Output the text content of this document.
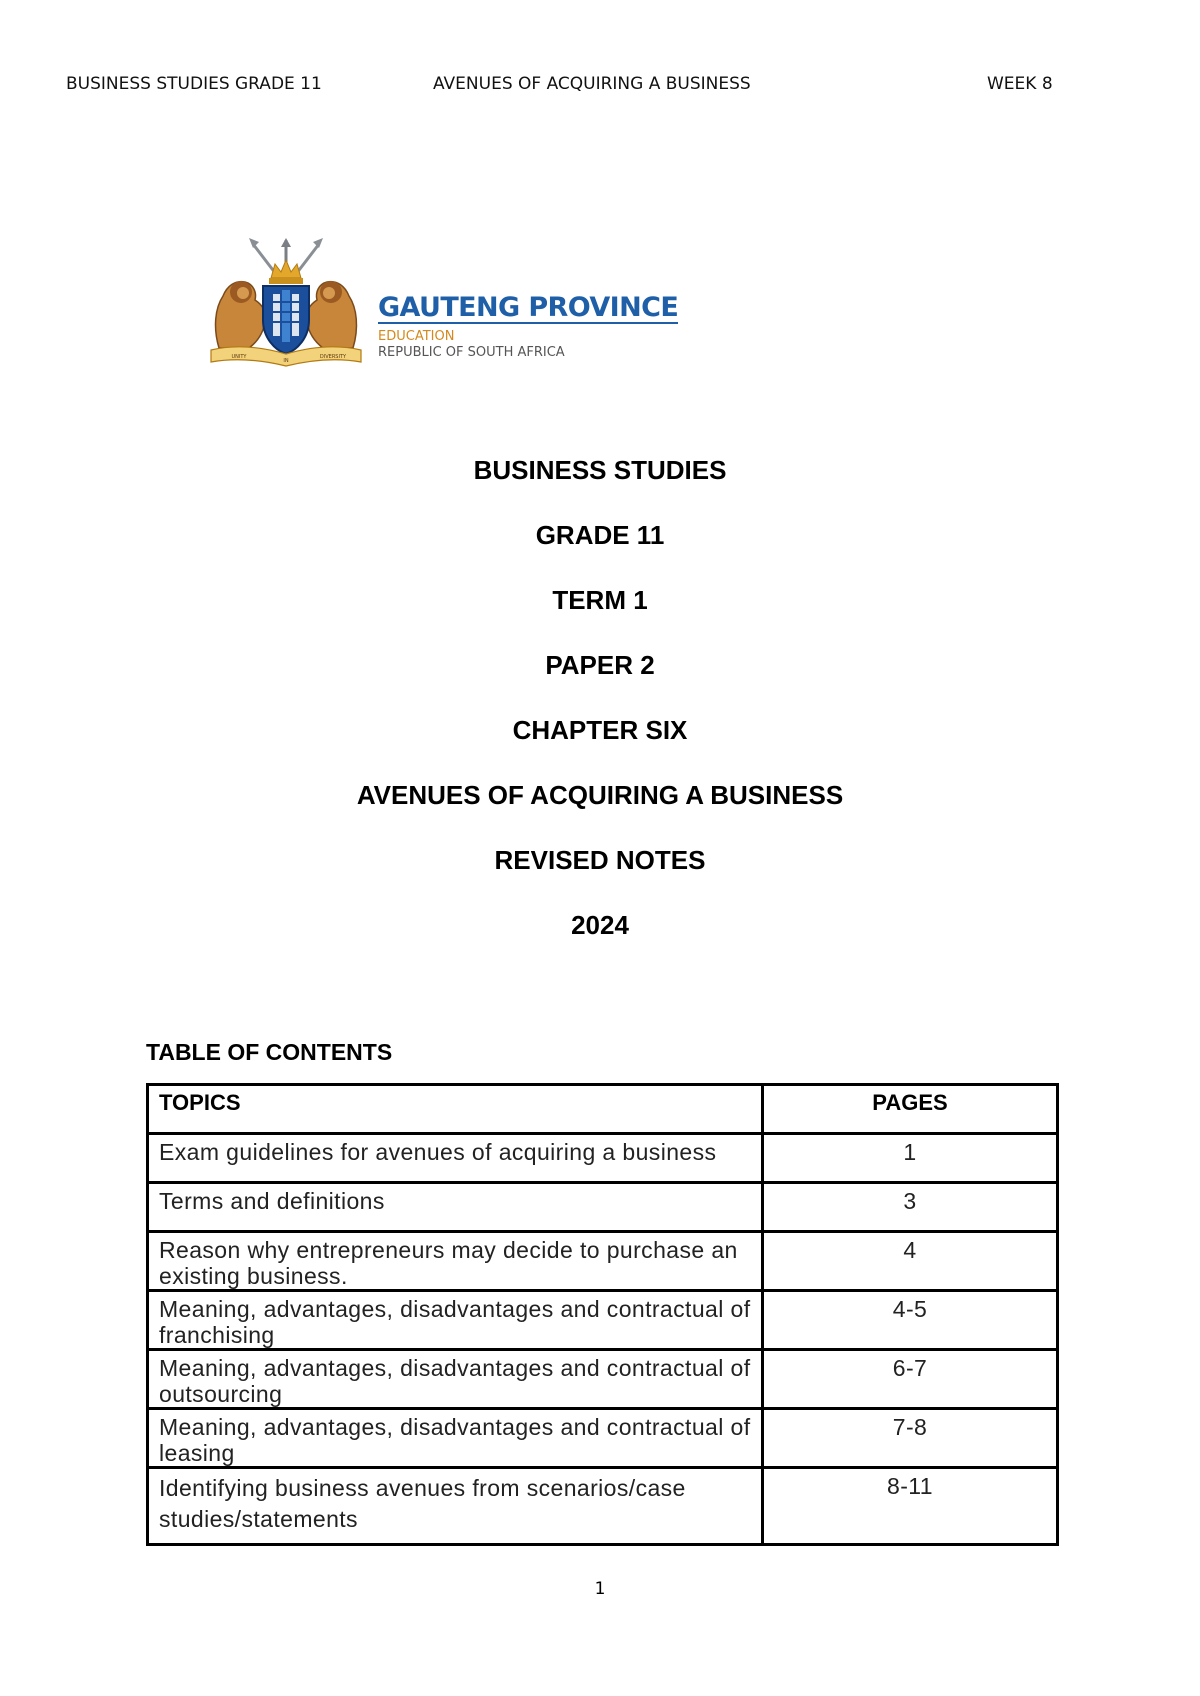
BUSINESS STUDIES GRADE 11	AVENUES OF ACQUIRING A BUSINESS	WEEK 8
UNITY
IN
DIVERSITY
GAUTENG PROVINCE
EDUCATION
REPUBLIC OF SOUTH AFRICA
BUSINESS STUDIES
GRADE 11
TERM 1
PAPER 2
CHAPTER SIX
AVENUES OF ACQUIRING A BUSINESS
REVISED NOTES
2024
TABLE OF CONTENTS
TOPICS	PAGES
Exam guidelines for avenues of acquiring a business	1
Terms and definitions	3
Reason why entrepreneurs may decide to purchase an existing business.	4
Meaning, advantages, disadvantages and contractual of franchising	4-5
Meaning, advantages, disadvantages and contractual of outsourcing	6-7
Meaning, advantages, disadvantages and contractual of leasing	7-8
Identifying business avenues from scenarios/case studies/statements	8-11
1
